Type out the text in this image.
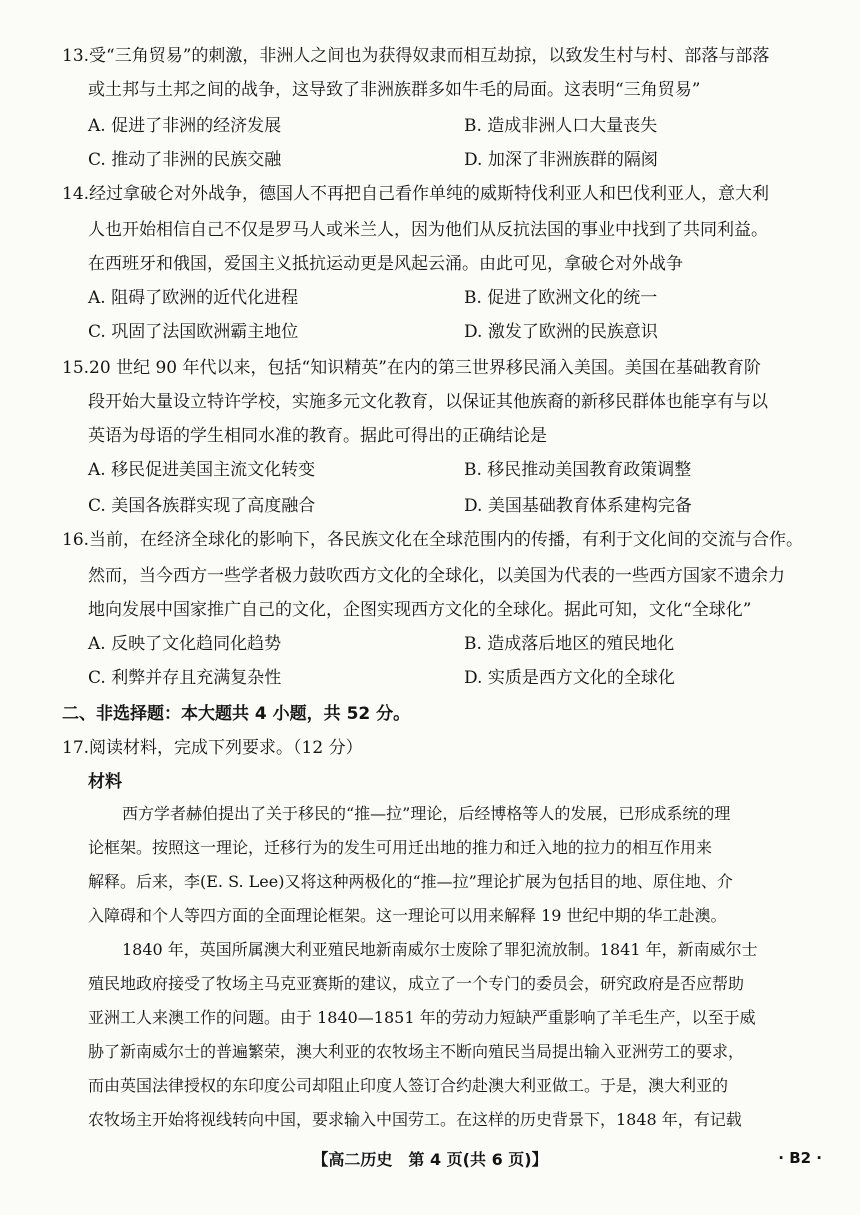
13.受“三角贸易”的刺激，非洲人之间也为获得奴隶而相互劫掠，以致发生村与村、部落与部落
或土邦与土邦之间的战争，这导致了非洲族群多如牛毛的局面。这表明“三角贸易”
A. 促进了非洲的经济发展	B. 造成非洲人口大量丧失
C. 推动了非洲的民族交融	D. 加深了非洲族群的隔阂
14.经过拿破仑对外战争，德国人不再把自己看作单纯的威斯特伐利亚人和巴伐利亚人，意大利
人也开始相信自己不仅是罗马人或米兰人，因为他们从反抗法国的事业中找到了共同利益。
在西班牙和俄国，爱国主义抵抗运动更是风起云涌。由此可见，拿破仑对外战争
A. 阻碍了欧洲的近代化进程	B. 促进了欧洲文化的统一
C. 巩固了法国欧洲霸主地位	D. 激发了欧洲的民族意识
15.20 世纪 90 年代以来，包括“知识精英”在内的第三世界移民涌入美国。美国在基础教育阶
段开始大量设立特许学校，实施多元文化教育，以保证其他族裔的新移民群体也能享有与以
英语为母语的学生相同水准的教育。据此可得出的正确结论是
A. 移民促进美国主流文化转变	B. 移民推动美国教育政策调整
C. 美国各族群实现了高度融合	D. 美国基础教育体系建构完备
16.当前，在经济全球化的影响下，各民族文化在全球范围内的传播，有利于文化间的交流与合作。
然而，当今西方一些学者极力鼓吹西方文化的全球化，以美国为代表的一些西方国家不遗余力
地向发展中国家推广自己的文化，企图实现西方文化的全球化。据此可知，文化“全球化”
A. 反映了文化趋同化趋势	B. 造成落后地区的殖民地化
C. 利弊并存且充满复杂性	D. 实质是西方文化的全球化
二、非选择题：本大题共 4 小题，共 52 分。
17.阅读材料，完成下列要求。（12 分）
材料
西方学者赫伯提出了关于移民的“推—拉”理论，后经博格等人的发展，已形成系统的理
论框架。按照这一理论，迁移行为的发生可用迁出地的推力和迁入地的拉力的相互作用来
解释。后来，李(E. S. Lee)又将这种两极化的“推—拉”理论扩展为包括目的地、原住地、介
入障碍和个人等四方面的全面理论框架。这一理论可以用来解释 19 世纪中期的华工赴澳。
1840 年，英国所属澳大利亚殖民地新南威尔士废除了罪犯流放制。1841 年，新南威尔士
殖民地政府接受了牧场主马克亚赛斯的建议，成立了一个专门的委员会，研究政府是否应帮助
亚洲工人来澳工作的问题。由于 1840—1851 年的劳动力短缺严重影响了羊毛生产，以至于威
胁了新南威尔士的普遍繁荣，澳大利亚的农牧场主不断向殖民当局提出输入亚洲劳工的要求，
而由英国法律授权的东印度公司却阻止印度人签订合约赴澳大利亚做工。于是，澳大利亚的
农牧场主开始将视线转向中国，要求输入中国劳工。在这样的历史背景下，1848 年，有记载
【高二历史　第 4 页(共 6 页)】	· B2 ·
